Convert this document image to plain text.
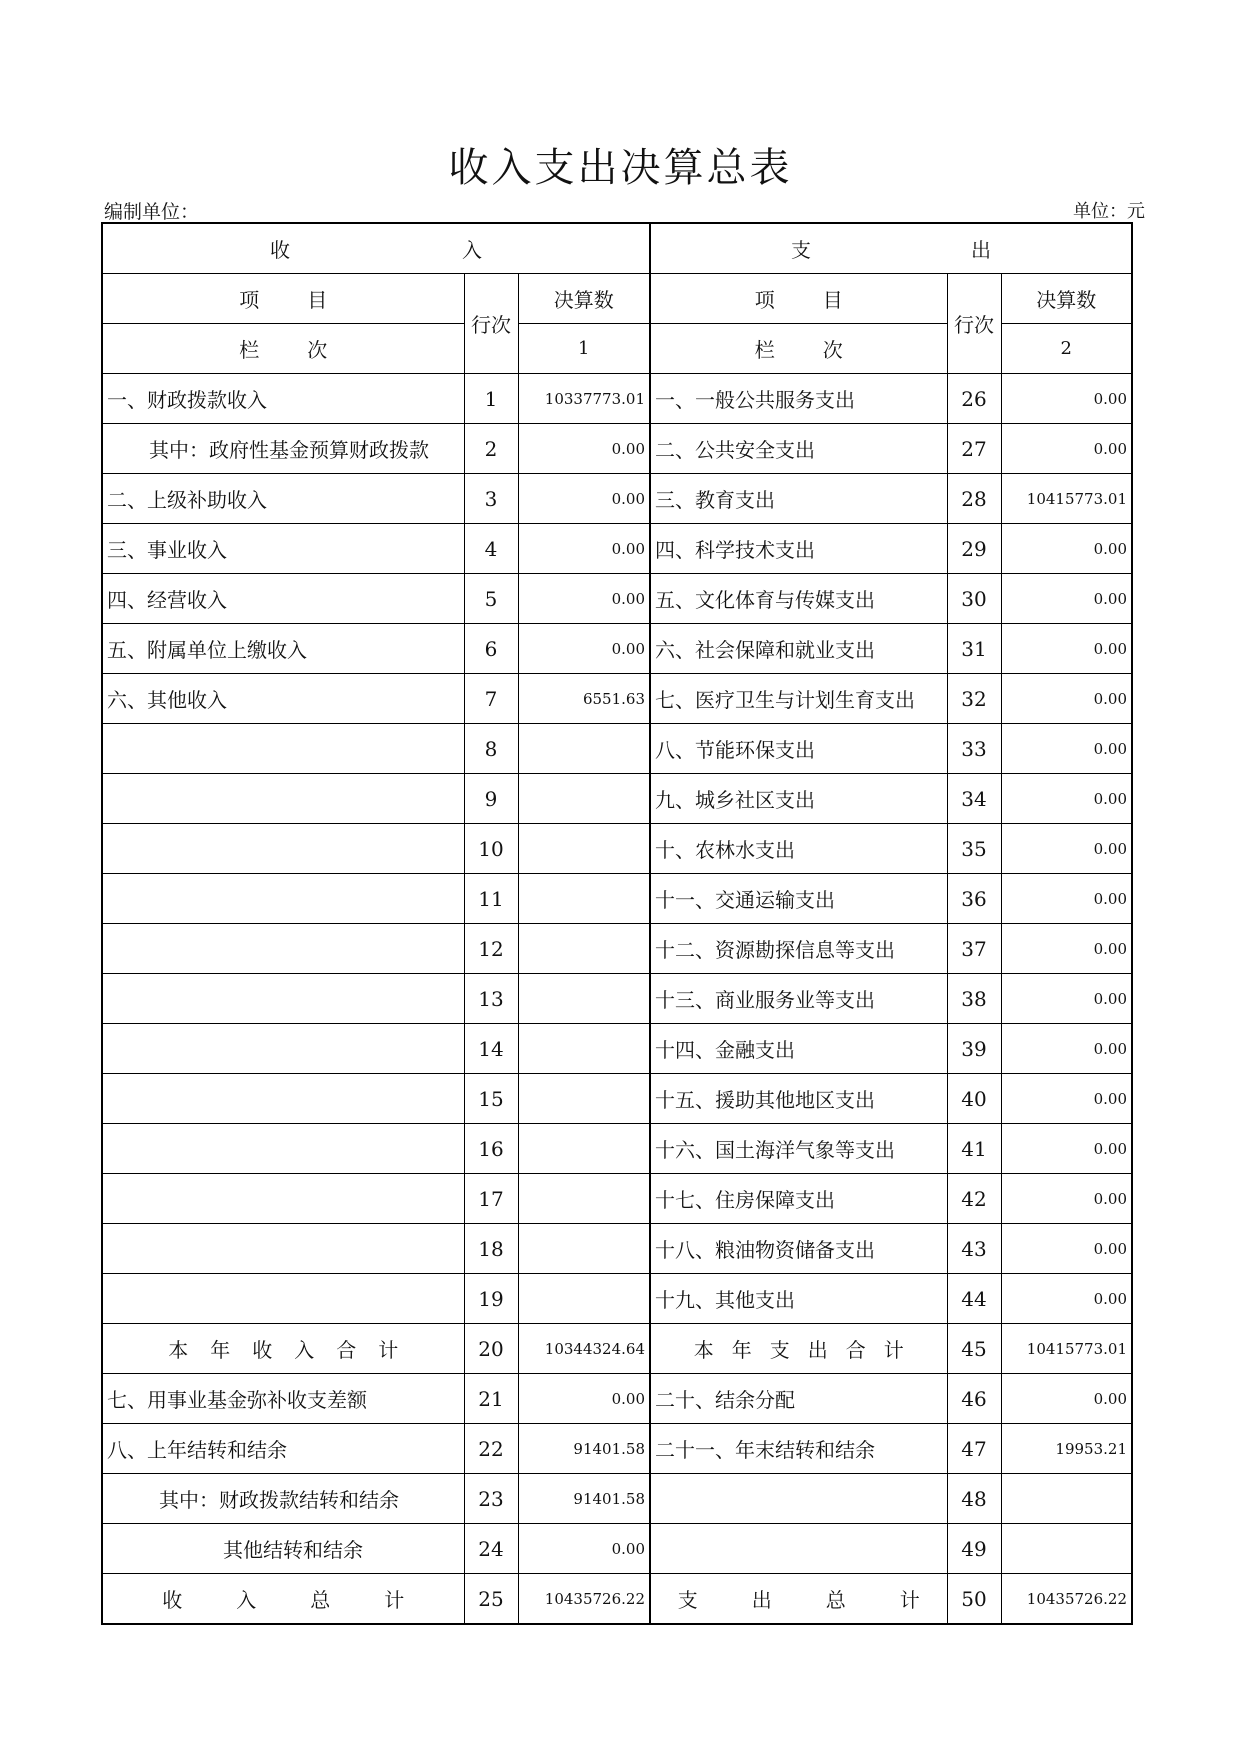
收入支出决算总表
编制单位：	单位：元
收 入			支 出		
项 目	行次	决算数	项 目	行次	决算数
栏 次		1	栏 次		2
一、财政拨款收入	1	10337773.01	一、一般公共服务支出	26	0.00
其中：政府性基金预算财政拨款	2	0.00	二、公共安全支出	27	0.00
二、上级补助收入	3	0.00	三、教育支出	28	10415773.01
三、事业收入	4	0.00	四、科学技术支出	29	0.00
四、经营收入	5	0.00	五、文化体育与传媒支出	30	0.00
五、附属单位上缴收入	6	0.00	六、社会保障和就业支出	31	0.00
六、其他收入	7	6551.63	七、医疗卫生与计划生育支出	32	0.00
	8		八、节能环保支出	33	0.00
	9		九、城乡社区支出	34	0.00
	10		十、农林水支出	35	0.00
	11		十一、交通运输支出	36	0.00
	12		十二、资源勘探信息等支出	37	0.00
	13		十三、商业服务业等支出	38	0.00
	14		十四、金融支出	39	0.00
	15		十五、援助其他地区支出	40	0.00
	16		十六、国土海洋气象等支出	41	0.00
	17		十七、住房保障支出	42	0.00
	18		十八、粮油物资储备支出	43	0.00
	19		十九、其他支出	44	0.00
本 年 收 入 合 计	20	10344324.64	本 年 支 出 合 计	45	10415773.01
七、用事业基金弥补收支差额	21	0.00	二十、结余分配	46	0.00
八、上年结转和结余	22	91401.58	二十一、年末结转和结余	47	19953.21
其中：财政拨款结转和结余	23	91401.58		48	
其他结转和结余	24	0.00		49	
收 入 总 计	25	10435726.22	支 出 总 计	50	10435726.22
